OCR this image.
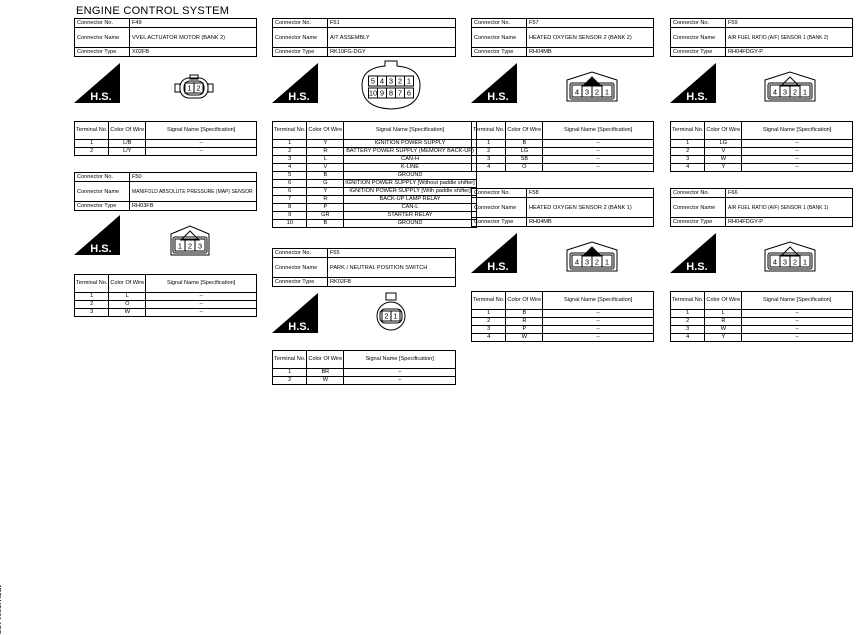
ENGINE CONTROL SYSTEM
Connector No.	F49
Connector Name	VVEL ACTUATOR MOTOR (BANK 2)
Connector Type	X02FB
H.S.
1 2
Terminal No.	Color Of Wire	Signal Name [Specification]
1	L/B	–
2	L/Y	–
Connector No.	F50
Connector Name	MANIFOLD ABSOLUTE PRESSURE (MAP) SENSOR
Connector Type	RH03FB
H.S.	1 2 3
Terminal No.	Color Of Wire	Signal Name [Specification]
1	L	–
2	O	–
3	W	–
Connector No.	F51
Connector Name	A/T ASSEMBLY
Connector Type	RK10FG-DGY
H.S.
5 4 3 2 1
10 9 8 7 6
Terminal No.	Color Of Wire	Signal Name [Specification]
1	Y	IGNITION POWER SUPPLY
2	R	BATTERY POWER SUPPLY (MEMORY BACK-UP)
3	L	CAN-H
4	V	K-LINE
5	B	GROUND
6	G	IGNITION POWER SUPPLY [Without paddle shifter]
6	Y	IGNITION POWER SUPPLY [With paddle shifter]
7	R	BACK-UP LAMP RELAY
8	P	CAN-L
9	GR	STARTER RELAY
10	B	GROUND
Connector No.	F55
Connector Name	PARK / NEUTRAL POSITION SWITCH
Connector Type	RK02FB
H.S.
2 1
Terminal No.	Color Of Wire	Signal Name [Specification]
1	BR	–
2	W	–
Connector No.	F57
Connector Name	HEATED OXYGEN SENSOR 2 (BANK 2)
Connector Type	RH04MB
H.S.	4 3 2 1
Terminal No.	Color Of Wire	Signal Name [Specification]
1	B	–
2	LG	–
3	SB	–
4	O	–
Connector No.	F58
Connector Name	HEATED OXYGEN SENSOR 2 (BANK 1)
Connector Type	RH04MB
H.S.	4 3 2 1
Terminal No.	Color Of Wire	Signal Name [Specification]
1	B	–
2	R	–
3	P	–
4	W	–
Connector No.	F59
Connector Name	AIR FUEL RATIO (A/F) SENSOR 1 (BANK 2)
Connector Type	RH04FDGY-P
H.S.	4 3 2 1
Terminal No.	Color Of Wire	Signal Name [Specification]
1	LG	–
2	V	–
3	W	–
4	Y	–
Connector No.	F66
Connector Name	AIR FUEL RATIO (A/F) SENSOR 1 (BANK 1)
Connector Type	RH04FDGY-P
H.S.	4 3 2 1
Terminal No.	Color Of Wire	Signal Name [Specification]
1	L	–
2	R	–
3	W	–
4	Y	–
